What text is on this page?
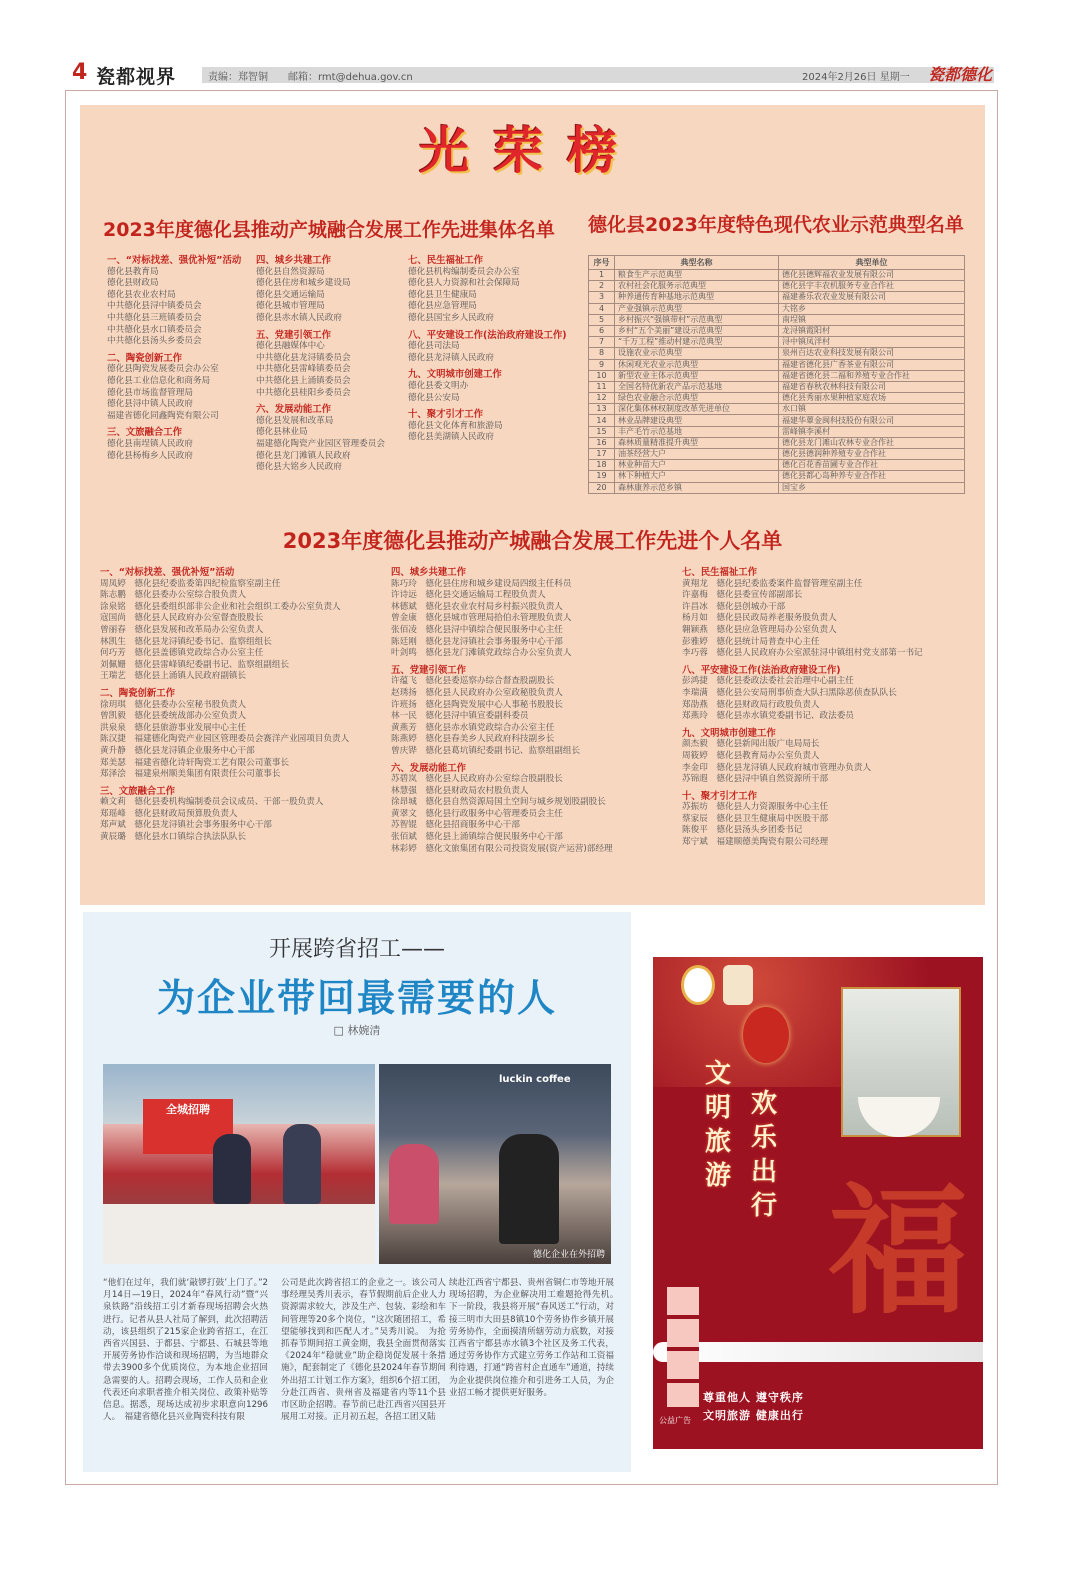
4 瓷都视界	责编：郑智铜 邮箱：rmt@dehua.gov.cn	2024年2月26日 星期一 瓷都德化
光荣榜
2023年度德化县推动产城融合发展工作先进集体名单 德化县2023年度特色现代农业示范典型名单
一、“对标找差、强优补短”活动
德化县教育局
德化县财政局
德化县农业农村局
中共德化县浔中镇委员会
中共德化县三班镇委员会
中共德化县水口镇委员会
中共德化县汤头乡委员会
二、陶瓷创新工作
德化县陶瓷发展委员会办公室
德化县工业信息化和商务局
德化县市场监督管理局
德化县浔中镇人民政府
福建省德化同鑫陶瓷有限公司
三、文旅融合工作
德化县南埕镇人民政府
德化县杨梅乡人民政府
四、城乡共建工作
德化县自然资源局
德化县住房和城乡建设局
德化县交通运输局
德化县城市管理局
德化县赤水镇人民政府
五、党建引领工作
德化县融媒体中心
中共德化县龙浔镇委员会
中共德化县雷峰镇委员会
中共德化县上涌镇委员会
中共德化县桂阳乡委员会
六、发展动能工作
德化县发展和改革局
德化县林业局
福建德化陶瓷产业园区管理委员会
德化县龙门滩镇人民政府
德化县大铭乡人民政府
七、民生福祉工作
德化县机构编制委员会办公室
德化县人力资源和社会保障局
德化县卫生健康局
德化县应急管理局
德化县国宝乡人民政府
八、平安建设工作(法治政府建设工作)
德化县司法局
德化县龙浔镇人民政府
九、文明城市创建工作
德化县委文明办
德化县公安局
十、聚才引才工作
德化县文化体育和旅游局
德化县美湖镇人民政府
序号	典型名称	典型单位
1	粮食生产示范典型	德化县德辉福农业发展有限公司
2	农村社会化服务示范典型	德化县宇丰农机服务专业合作社
3	种养通传育种基地示范典型	福建番乐农农业发展有限公司
4	产业强镇示范典型	大铭乡
5	乡村振兴“强镇带村”示范典型	南埕镇
6	乡村“五个美丽”建设示范典型	龙浔镇霞阳村
7	“千万工程”推动村建示范典型	浔中镇凤洋村
8	设施农业示范典型	泉州百达农业科技发展有限公司
9	休闲观光农业示范典型	福建省德化县广香茶业有限公司
10	新型农业主体示范典型	福建省德化县二福和养殖专业合作社
11	全国名特优新农产品示范基地	福建省春秋农林科技有限公司
12	绿色农业融合示范典型	德化县秀丽水果种植家庭农场
13	深化集体林权制度改革先进单位	水口镇
14	林业品牌建设典型	福建华蕈金闽科技股份有限公司
15	丰产毛竹示范基地	雷峰镇李溪村
16	森林质量精准提升典型	德化县龙门滩山农林专业合作社
17	油茶经营大户	德化县德润种养殖专业合作社
18	林业种苗大户	德化百花香苗圃专业合作社
19	林下种植大户	德化县都心岛种养专业合作社
20	森林康养示范乡镇	国宝乡
2023年度德化县推动产城融合发展工作先进个人名单
一、“对标找差、强优补短”活动
周凤婷　德化县纪委监委第四纪检监察室副主任
陈志鹏　德化县委办公室综合股负责人
涂泉铭　德化县委组织部非公企业和社会组织工委办公室负责人
寇国尚　德化县人民政府办公室督查股股长
曾丽春　德化县发展和改革局办公室负责人
林凯生　德化县龙浔镇纪委书记、监察组组长
何巧芳　德化县盖德镇党政综合办公室主任
刘佩姗　德化县雷峰镇纪委副书记、监察组副组长
王瑞艺　德化县上涌镇人民政府副镇长
二、陶瓷创新工作
徐玥琪　德化县委办公室秘书股负责人
曾凯毅　德化县委统战部办公室负责人
洪泉泉　德化县旅游事业发展中心主任
陈汉捷　福建德化陶瓷产业园区管理委员会赛洋产业园项目负责人
黄升静　德化县龙浔镇企业服务中心干部
郑美瑟　福建省德化诗轩陶瓷工艺有限公司董事长
郑泽浍　福建泉州顺美集团有限责任公司董事长
三、文旅融合工作
赖文莉　德化县委机构编制委员会议成员、干部一股负责人
郑瑶峰　德化县财政局预算股负责人
郑声斌　德化县龙浔镇社会事务服务中心干部
黄辰璐　德化县水口镇综合执法队队长
四、城乡共建工作
陈巧玲　德化县住房和城乡建设局四级主任科员
许诗远　德化县交通运输局工程股负责人
林德斌　德化县农业农村局乡村振兴股负责人
曾金康　德化县城市管理局拾伯永管理股负责人
张佰凌　德化县浔中镇综合便民服务中心主任
陈廷刚　德化县龙浔镇社会事务服务中心干部
叶剑鸣　德化县龙门滩镇党政综合办公室负责人
五、党建引领工作
许蕴飞　德化县委巡察办综合督查股副股长
赵琇扬　德化县人民政府办公室政秘股负责人
许班扬　德化县陶瓷发展中心人事秘书股股长
林一民　德化县浔中镇宣委副科委员
黄燕芳　德化县赤水镇党政综合办公室主任
陈燕婷　德化县春美乡人民政府科技副乡长
曾庆铧　德化县葛坑镇纪委副书记、监察组副组长
六、发展动能工作
苏碧岚　德化县人民政府办公室综合股副股长
林慧强　德化县财政局农村股负责人
徐昂城　德化县自然资源局国土空间与城乡规划股副股长
黄翠文　德化县行政服务中心管理委员会主任
苏智锟　德化县招商服务中心干部
张佰斌　德化县上涌镇综合便民服务中心干部
林彩婷　德化文旅集团有限公司投资发展(资产运营)部经理
七、民生福祉工作
黄翔龙　德化县纪委监委案件监督管理室副主任
许嘉梅　德化县委宣传部副部长
许昌冰　德化县创城办干部
杨月如　德化县民政局养老服务股负责人
翱颖燕　德化县应急管理局办公室负责人
彭雅婷　德化县统计局普查中心主任
李巧蓉　德化县人民政府办公室派驻浔中镇组村党支部第一书记
八、平安建设工作(法治政府建设工作)
彭鸿捷　德化县委政法委社会治理中心副主任
李瑞满　德化县公安局刑事侦查大队扫黑除恶侦查队队长
郑劭燕　德化县财政局行政股负责人
郑燕玲　德化县赤水镇党委副书记、政法委员
九、文明城市创建工作
颜杰毅　德化县新闻出版广电局局长
周筱婷　德化县教育局办公室负责人
李金印　德化县龙浔镇人民政府城市管理办负责人
苏锦遐　德化县浔中镇自然资源所干部
十、聚才引才工作
苏振坊　德化县人力资源服务中心主任
蔡家辰　德化县卫生健康局中医股干部
陈俊平　德化县汤头乡团委书记
郑宁斌　福建顺德美陶瓷有限公司经理
开展跨省招工——
为企业带回最需要的人
□ 林婉清
全城招聘
luckin coffee
德化企业在外招聘
“他们在过年，我们就‘敲锣打鼓’上门了。”2月14日—19日，2024年“春风行动”暨“兴泉铁路”沿线招工引才新春现场招聘会火热进行。记者从县人社局了解到，此次招聘活动，该县组织了215家企业跨省招工，在江西省兴国县、于都县、宁都县、石城县等地开展劳务协作洽谈和现场招聘，为当地群众带去3900多个优质岗位，为本地企业招回急需要的人。招聘会现场，工作人员和企业代表还向求职者推介相关岗位、政策补贴等信息。据悉，现场达成初步求职意向1296人。　福建省德化县兴业陶瓷科技有限
公司是此次跨省招工的企业之一。该公司人事经理吴秀川表示，春节假期前后企业人力资源需求较大，涉及生产、包装、彩绘和车间管理等20多个岗位，“这次随团招工，希望能够找到和匹配人才。”吴秀川说。　为抢抓春节期间招工黄金期，我县全面贯彻落实《2024年“稳就业”助企稳岗促发展十条措施》，配套制定了《德化县2024年春节期间外出招工计划工作方案》，组织6个招工团，分赴江西省、贵州省及福建省内等11个县市区助企招聘。春节前已赴江西省兴国县开展用工对接。正月初五起，各招工团又陆
续赴江西省宁都县、贵州省铜仁市等地开展现场招聘，为企业解决用工难题抢得先机。　下一阶段，我县将开展“春风送工”行动，对接三明市大田县8镇10个劳务协作乡镇开展劳务协作，全面摸清所辖劳动力底数，对接江西省宁都县赤水镇3个社区及务工代表，通过劳务协作方式建立劳务工作站和工资福利待遇，打通“跨省村企直通车”通道，持续为企业提供岗位推介和引进务工人员，为企业招工畅才提供更好服务。
文明旅游
欢乐出行 福
尊重他人 遵守秩序
文明旅游 健康出行
公益广告
